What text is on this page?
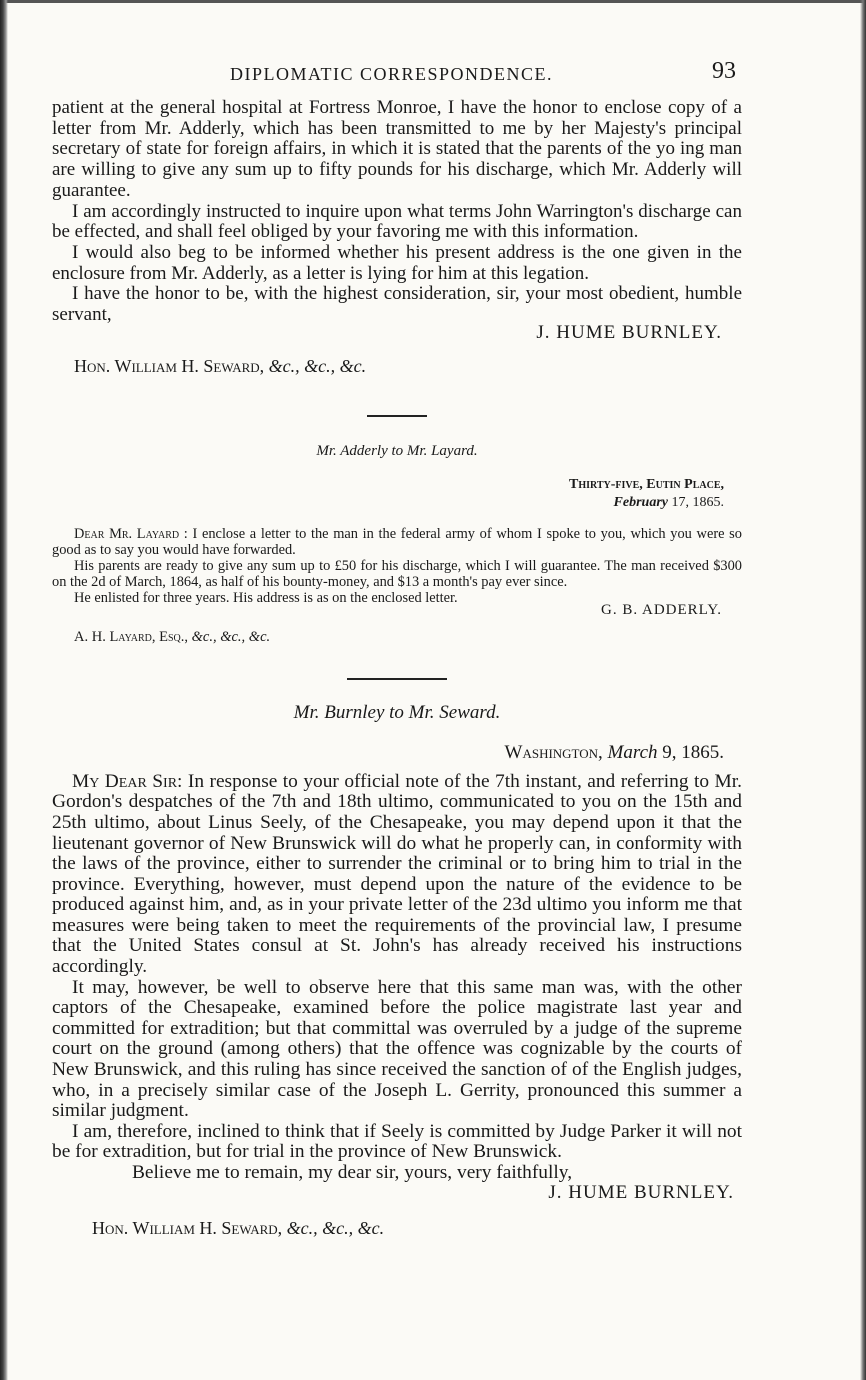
DIPLOMATIC CORRESPONDENCE.	93

patient at the general hospital at Fortress Monroe, I have the honor to enclose copy of a letter from Mr. Adderly, which has been transmitted to me by her Majesty's principal secretary of state for foreign affairs, in which it is stated that the parents of the yo ing man are willing to give any sum up to fifty pounds for his discharge, which Mr. Adderly will guarantee.

I am accordingly instructed to inquire upon what terms John Warrington's discharge can be effected, and shall feel obliged by your favoring me with this information.

I would also beg to be informed whether his present address is the one given in the enclosure from Mr. Adderly, as a letter is lying for him at this legation.

I have the honor to be, with the highest consideration, sir, your most obedient, humble servant,

J. HUME BURNLEY.
Hon. William H. Seward, &c., &c., &c.
Mr. Adderly to Mr. Layard.
Thirty-five, Eutin Place,
February 17, 1865.

Dear Mr. Layard : I enclose a letter to the man in the federal army of whom I spoke to you, which you were so good as to say you would have forwarded.

His parents are ready to give any sum up to £50 for his discharge, which I will guarantee. The man received $300 on the 2d of March, 1864, as half of his bounty-money, and $13 a month's pay ever since.

He enlisted for three years. His address is as on the enclosed letter.

G. B. ADDERLY.
A. H. Layard, Esq., &c., &c., &c.
Mr. Burnley to Mr. Seward.
Washington, March 9, 1865.

My Dear Sir: In response to your official note of the 7th instant, and referring to Mr. Gordon's despatches of the 7th and 18th ultimo, communicated to you on the 15th and 25th ultimo, about Linus Seely, of the Chesapeake, you may depend upon it that the lieutenant governor of New Brunswick will do what he properly can, in conformity with the laws of the province, either to surrender the criminal or to bring him to trial in the province. Everything, however, must depend upon the nature of the evidence to be produced against him, and, as in your private letter of the 23d ultimo you inform me that measures were being taken to meet the requirements of the provincial law, I presume that the United States consul at St. John's has already received his instructions accordingly.

It may, however, be well to observe here that this same man was, with the other captors of the Chesapeake, examined before the police magistrate last year and committed for extradition; but that committal was overruled by a judge of the supreme court on the ground (among others) that the offence was cognizable by the courts of New Brunswick, and this ruling has since received the sanction of of the English judges, who, in a precisely similar case of the Joseph L. Gerrity, pronounced this summer a similar judgment.

I am, therefore, inclined to think that if Seely is committed by Judge Parker it will not be for extradition, but for trial in the province of New Brunswick.

Believe me to remain, my dear sir, yours, very faithfully,

J. HUME BURNLEY.
Hon. William H. Seward, &c., &c., &c.
